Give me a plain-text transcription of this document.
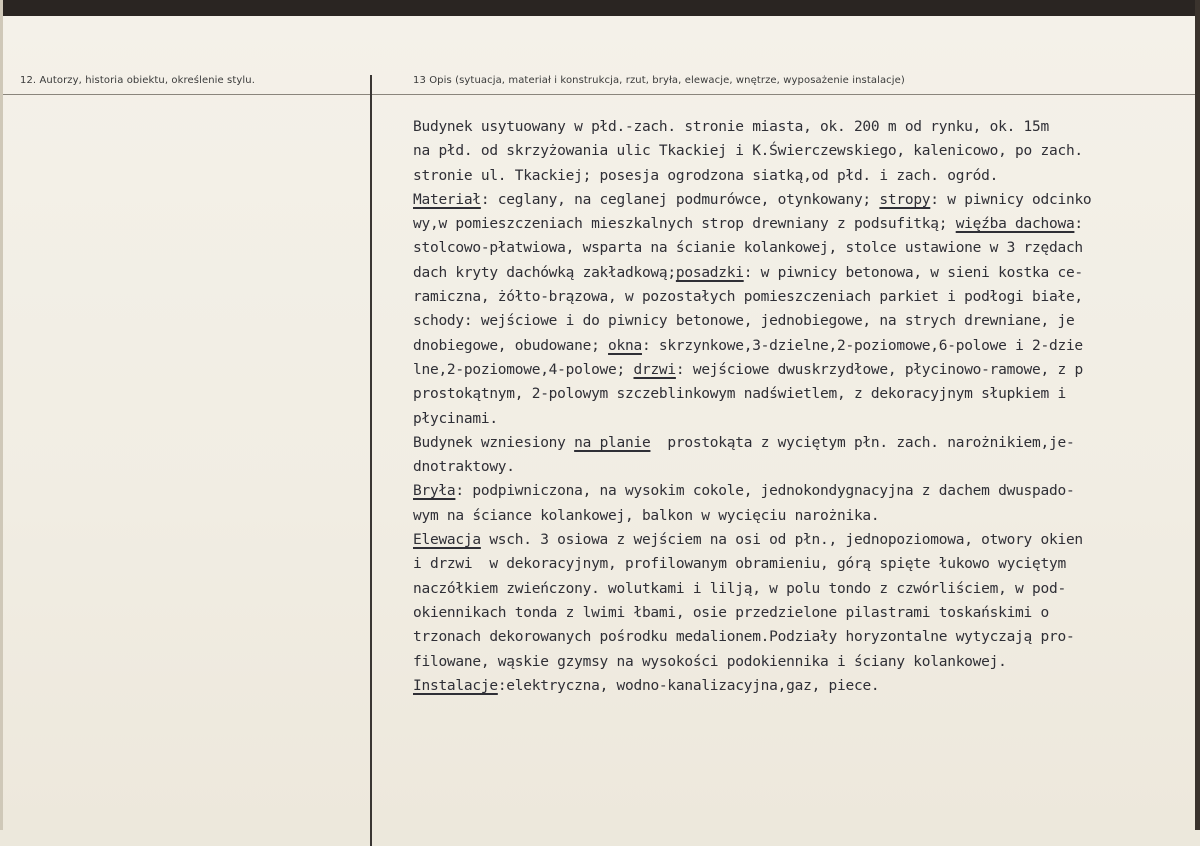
12. Autorzy, historia obiektu, określenie stylu.	13 Opis (sytuacja, materiał i konstrukcja, rzut, bryła, elewacje, wnętrze, wyposażenie instalacje)
Budynek usytuowany w płd.-zach. stronie miasta, ok. 200 m od rynku, ok. 15m
na płd. od skrzyżowania ulic Tkackiej i K.Świerczewskiego, kalenicowo, po zach.
stronie ul. Tkackiej; posesja ogrodzona siatką,od płd. i zach. ogród.
Materiał: ceglany, na ceglanej podmurówce, otynkowany; stropy: w piwnicy odcinko
wy,w pomieszczeniach mieszkalnych strop drewniany z podsufitką; więźba dachowa:
stolcowo-płatwiowa, wsparta na ścianie kolankowej, stolce ustawione w 3 rzędach
dach kryty dachówką zakładkową;posadzki: w piwnicy betonowa, w sieni kostka ce-
ramiczna, żółto-brązowa, w pozostałych pomieszczeniach parkiet i podłogi białe,
schody: wejściowe i do piwnicy betonowe, jednobiegowe, na strych drewniane, je
dnobiegowe, obudowane; okna: skrzynkowe,3-dzielne,2-poziomowe,6-polowe i 2-dzie
lne,2-poziomowe,4-polowe; drzwi: wejściowe dwuskrzydłowe, płycinowo-ramowe, z p
prostokątnym, 2-polowym szczeblinkowym nadświetlem, z dekoracyjnym słupkiem i
płycinami.
Budynek wzniesiony na planie  prostokąta z wyciętym płn. zach. narożnikiem,je-
dnotraktowy.
Bryła: podpiwniczona, na wysokim cokole, jednokondygnacyjna z dachem dwuspado-
wym na ściance kolankowej, balkon w wycięciu narożnika.
Elewacja wsch. 3 osiowa z wejściem na osi od płn., jednopoziomowa, otwory okien
i drzwi  w dekoracyjnym, profilowanym obramieniu, górą spięte łukowo wyciętym
naczółkiem zwieńczony. wolutkami i lilją, w polu tondo z czwórliściem, w pod-
okiennikach tonda z lwimi łbami, osie przedzielone pilastrami toskańskimi o
trzonach dekorowanych pośrodku medalionem.Podziały horyzontalne wytyczają pro-
filowane, wąskie gzymsy na wysokości podokiennika i ściany kolankowej.
Instalacje:elektryczna, wodno-kanalizacyjna,gaz, piece.
